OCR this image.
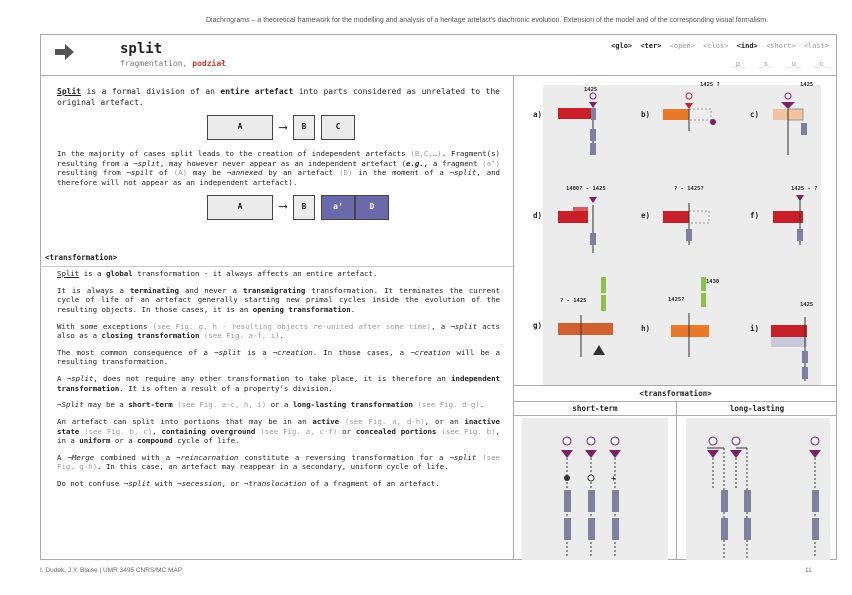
Diachrograms – a theoretical framework for the modelling and analysis of a heritage artefact's diachronic evolution. Extension of the model and of the corresponding visual formalism.
split
fragmentation, podział
<glo> <ter> <open> <clos> <ind> <short> <last>
_p_ _s_ _u_ _c_

Split is a formal division of an entire artefact into parts considered as unrelated to the original artefact.

A	⟶	B	C

In the majority of cases split leads to the creation of independent artefacts (B,C,…). Fragment(s) resulting from a ¬split, may however never appear as an independent artefact (e.g., a fragment (a’) resulting from ¬spilt of (A) may be ¬annexed by an artefact (D) in the moment of a ¬split, and therefore will not appear as an independent artefact).

A	⟶	B	a’	D
<transformation>

Split is a global transformation - it always affects an entire artefact.

It is always a terminating and never a transmigrating transformation. It terminates the current cycle of life of an artefact generally starting new primal cycles inside the evolution of the resulting objects. In those cases, it is an opening transformation.

With some exceptions (see Fig. g, h - resulting objects re-united after some time), a ¬split acts also as a closing transformation (see Fig. a-f, i).

The most common consequence of a ¬split is a ¬creation. In those cases, a ¬creation will be a resulting transformation.

A ¬split, does not require any other transformation to take place, it is therefore an independent transformation. It is often a result of a property’s division.

¬Split may be a short-term (see Fig. a-c, h, i) or a long-lasting transformation (see Fig. d-g).

An artefact can split into portions that may be in an active (see Fig. a, d-h), or an inactive state (see Fig. b, c), containing overground (see Fig. a, c-f) or concealed portions (see Fig. b), in a uniform or a compound cycle of life.

A ¬Merge combined with a ¬reincarnation constitute a reversing transformation for a ¬split (see Fig. g-h). In this case, an artefact may reappear in a secondary, uniform cycle of life.

Do not confuse ¬split with ¬secession, or ¬translocation of a fragment of an artefact.

a)	b)	c)
d)	e)	f)
g)	h)	i)
1425
1425 ?	1425
1400? - 1425	? - 1425?	1425 - ?
? - 1425	1425?
1430
1425
<transformation>
short-term	long-lasting
+
I. Dudek, J.Y. Blaise | UMR 3495 CNRS/MC MAP	11
